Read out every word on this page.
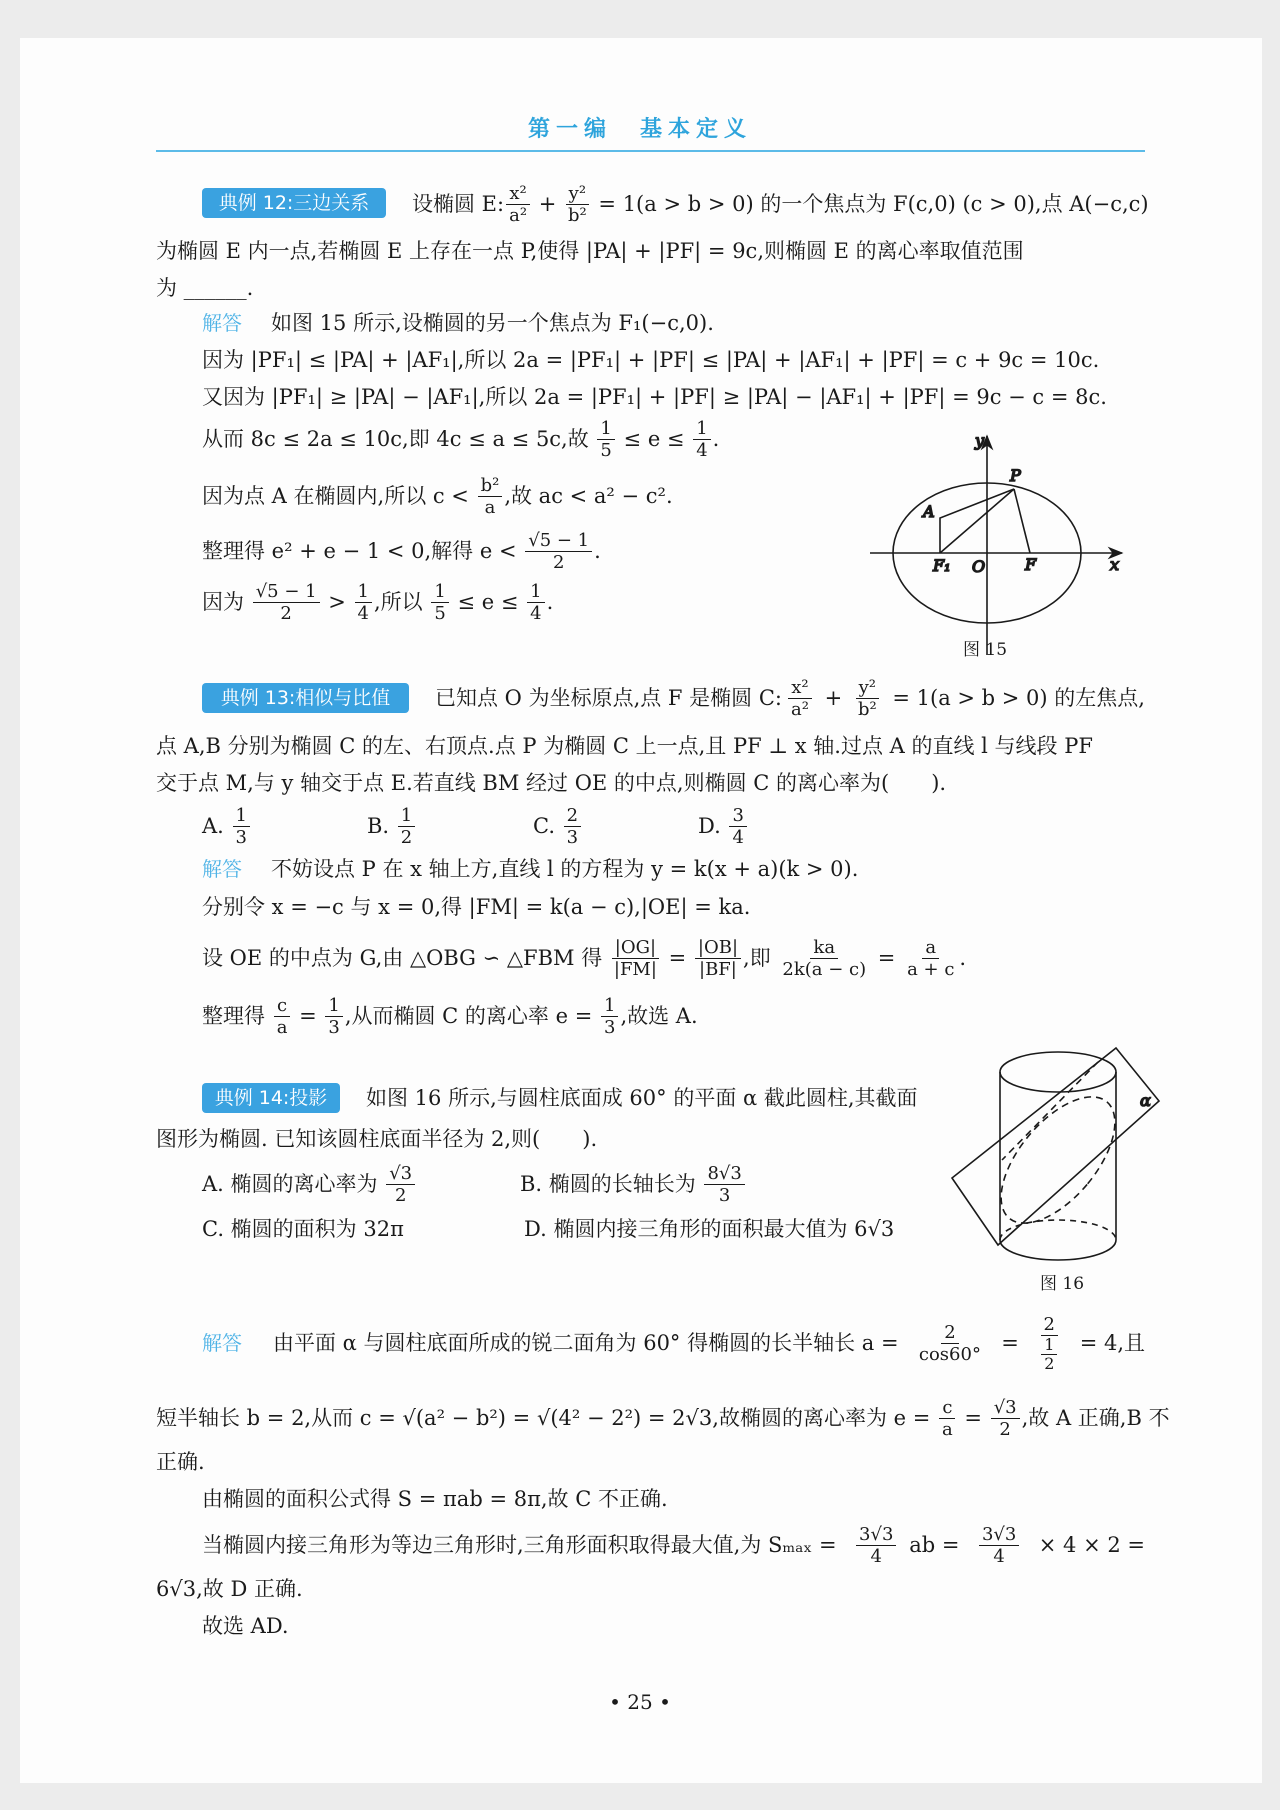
第一编　基本定义
典例 12:三边关系	设椭圆 E: $\frac{\text{x²}}{\text{a²}} + \frac{\text{y²}}{\text{b²}} = 1(a > b > 0)$ 的一个焦点为 F(c,0) (c > 0),点 A(−c,c)
为椭圆 E 内一点,若椭圆 E 上存在一点 P,使得 |PA| + |PF| = 9c,则椭圆 E 的离心率取值范围
为 ______.
解答 如图 15 所示,设椭圆的另一个焦点为 F₁(−c,0).
因为 |PF₁| ≤ |PA| + |AF₁|,所以 2a = |PF₁| + |PF| ≤ |PA| + |AF₁| + |PF| = c + 9c = 10c.
又因为 |PF₁| ≥ |PA| − |AF₁|,所以 2a = |PF₁| + |PF| ≥ |PA| − |AF₁| + |PF| = 9c − c = 8c.
从而 8c ≤ 2a ≤ 10c,即 4c ≤ a ≤ 5c,故 $\frac{1}{5} \le e \le \frac{1}{4}$ .
因为点 A 在椭圆内,所以 $c < \frac{\text{b²}}{a}$ ,故 ac < a² − c².
整理得 e² + e − 1 < 0,解得 $e < \frac{√5 - 1}{2}$ .
因为 $\frac{√5 - 1}{2} > \frac{1}{4}$ ,所以 $\frac{1}{5} \le e \le \frac{1}{4}$ .
图 15
典例 13:相似与比值	已知点 O 为坐标原点,点 F 是椭圆 C: $\frac{\text{x²}}{\text{a²}} + \frac{\text{y²}}{\text{b²}} = 1(a > b > 0)$ 的左焦点,
点 A,B 分别为椭圆 C 的左、右顶点.点 P 为椭圆 C 上一点,且 PF ⊥ x 轴.过点 A 的直线 l 与线段 PF
交于点 M,与 y 轴交于点 E.若直线 BM 经过 OE 的中点,则椭圆 C 的离心率为(　　).
A. $\frac{1}{3}$	B. $\frac{1}{2}$	C. $\frac{2}{3}$	D. $\frac{3}{4}$
解答 不妨设点 P 在 x 轴上方,直线 l 的方程为 y = k(x + a)(k > 0).
分别令 x = −c 与 x = 0,得 |FM| = k(a − c),|OE| = ka.
设 OE 的中点为 G,由 △OBG ∽ △FBM 得 $\frac{|OG|}{|FM|} = \frac{|OB|}{|BF|}$ ,即 $\frac{ka}{2k(a - c)} = \frac{a}{a + c}$ .
整理得 $\frac{c}{a} = \frac{1}{3}$ ,从而椭圆 C 的离心率 $e = \frac{1}{3}$ ,故选 A.
典例 14:投影	如图 16 所示,与圆柱底面成 60° 的平面 α 截此圆柱,其截面
图形为椭圆. 已知该圆柱底面半径为 2,则(　　).
A. 椭圆的离心率为 $\frac{√3}{2}$	B. 椭圆的长轴长为 $\frac{8√3}{3}$
C. 椭圆的面积为 32π	D. 椭圆内接三角形的面积最大值为 6√3
图 16
解答 由平面 α 与圆柱底面所成的锐二面角为 60° 得椭圆的长半轴长 $a = \frac{2}{\cos 60^\circ} = \frac{2}{\frac{1}{2}} = 4$,且
短半轴长 b = 2,从而 c = √(a² − b²) = √(4² − 2²) = 2√3,故椭圆的离心率为 $e = \frac{c}{a} = \frac{√3}{2}$ ,故 A 正确,B 不
正确.
由椭圆的面积公式得 S = πab = 8π,故 C 不正确.
当椭圆内接三角形为等边三角形时,三角形面积取得最大值,为 $S_{max} = \frac{3√3}{4}$ ab = $\frac{3√3}{4} \times 4 \times 2$ =
6√3,故 D 正确.
故选 AD.
• 25 •
y
P
A
F₁ O F	x
α
